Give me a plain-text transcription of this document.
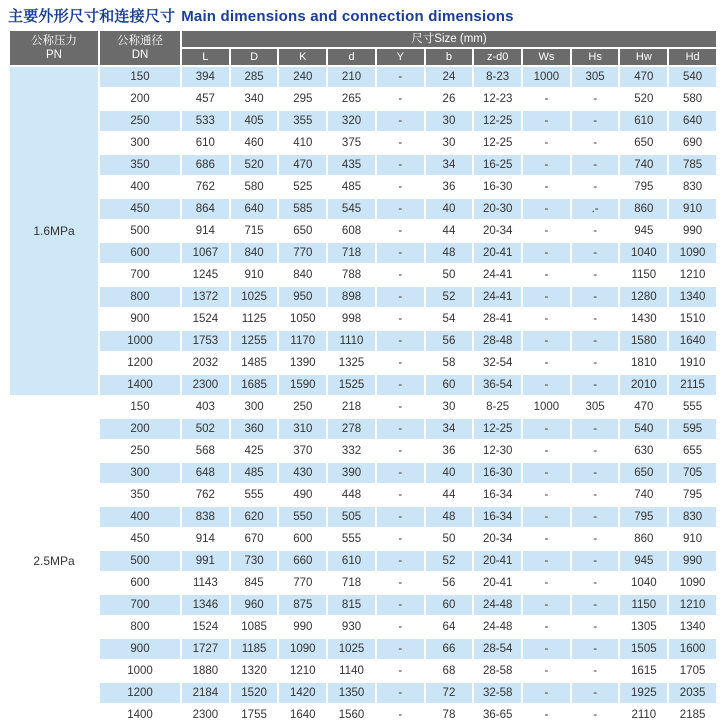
主要外形尺寸和连接尺寸 Main dimensions and connection dimensions
公称压力
PN

公称通径
DN
	尺寸Size (mm)
		L	D	K	d	Y	b	z-d0	Ws	Hs	Hw	Hd
1.6MPa	150	394	285	240	210	-	24	8-23	1000	305	470	540
	200	457	340	295	265	-	26	12-23	-	-	520	580
	250	533	405	355	320	-	30	12-25	-	-	610	640
	300	610	460	410	375	-	30	12-25	-	-	650	690
	350	686	520	470	435	-	34	16-25	-	-	740	785
	400	762	580	525	485	-	36	16-30	-	-	795	830
	450	864	640	585	545	-	40	20-30	-	.-	860	910
	500	914	715	650	608	-	44	20-34	-	-	945	990
	600	1067	840	770	718	-	48	20-41	-	-	1040	1090
	700	1245	910	840	788	-	50	24-41	-	-	1150	1210
	800	1372	1025	950	898	-	52	24-41	-	-	1280	1340
	900	1524	1125	1050	998	-	54	28-41	-	-	1430	1510
	1000	1753	1255	1170	1110	-	56	28-48	-	-	1580	1640
	1200	2032	1485	1390	1325	-	58	32-54	-	-	1810	1910
	1400	2300	1685	1590	1525	-	60	36-54	-	-	2010	2115
2.5MPa	150	403	300	250	218	-	30	8-25	1000	305	470	555
	200	502	360	310	278	-	34	12-25	-	-	540	595
	250	568	425	370	332	-	36	12-30	-	-	630	655
	300	648	485	430	390	-	40	16-30	-	-	650	705
	350	762	555	490	448	-	44	16-34	-	-	740	795
	400	838	620	550	505	-	48	16-34	-	-	795	830
	450	914	670	600	555	-	50	20-34	-	-	860	910
	500	991	730	660	610	-	52	20-41	-	-	945	990
	600	1143	845	770	718	-	56	20-41	-	-	1040	1090
	700	1346	960	875	815	-	60	24-48	-	-	1150	1210
	800	1524	1085	990	930	-	64	24-48	-	-	1305	1340
	900	1727	1185	1090	1025	-	66	28-54	-	-	1505	1600
	1000	1880	1320	1210	1140	-	68	28-58	-	-	1615	1705
	1200	2184	1520	1420	1350	-	72	32-58	-	-	1925	2035
	1400	2300	1755	1640	1560	-	78	36-65	-	-	2110	2185
